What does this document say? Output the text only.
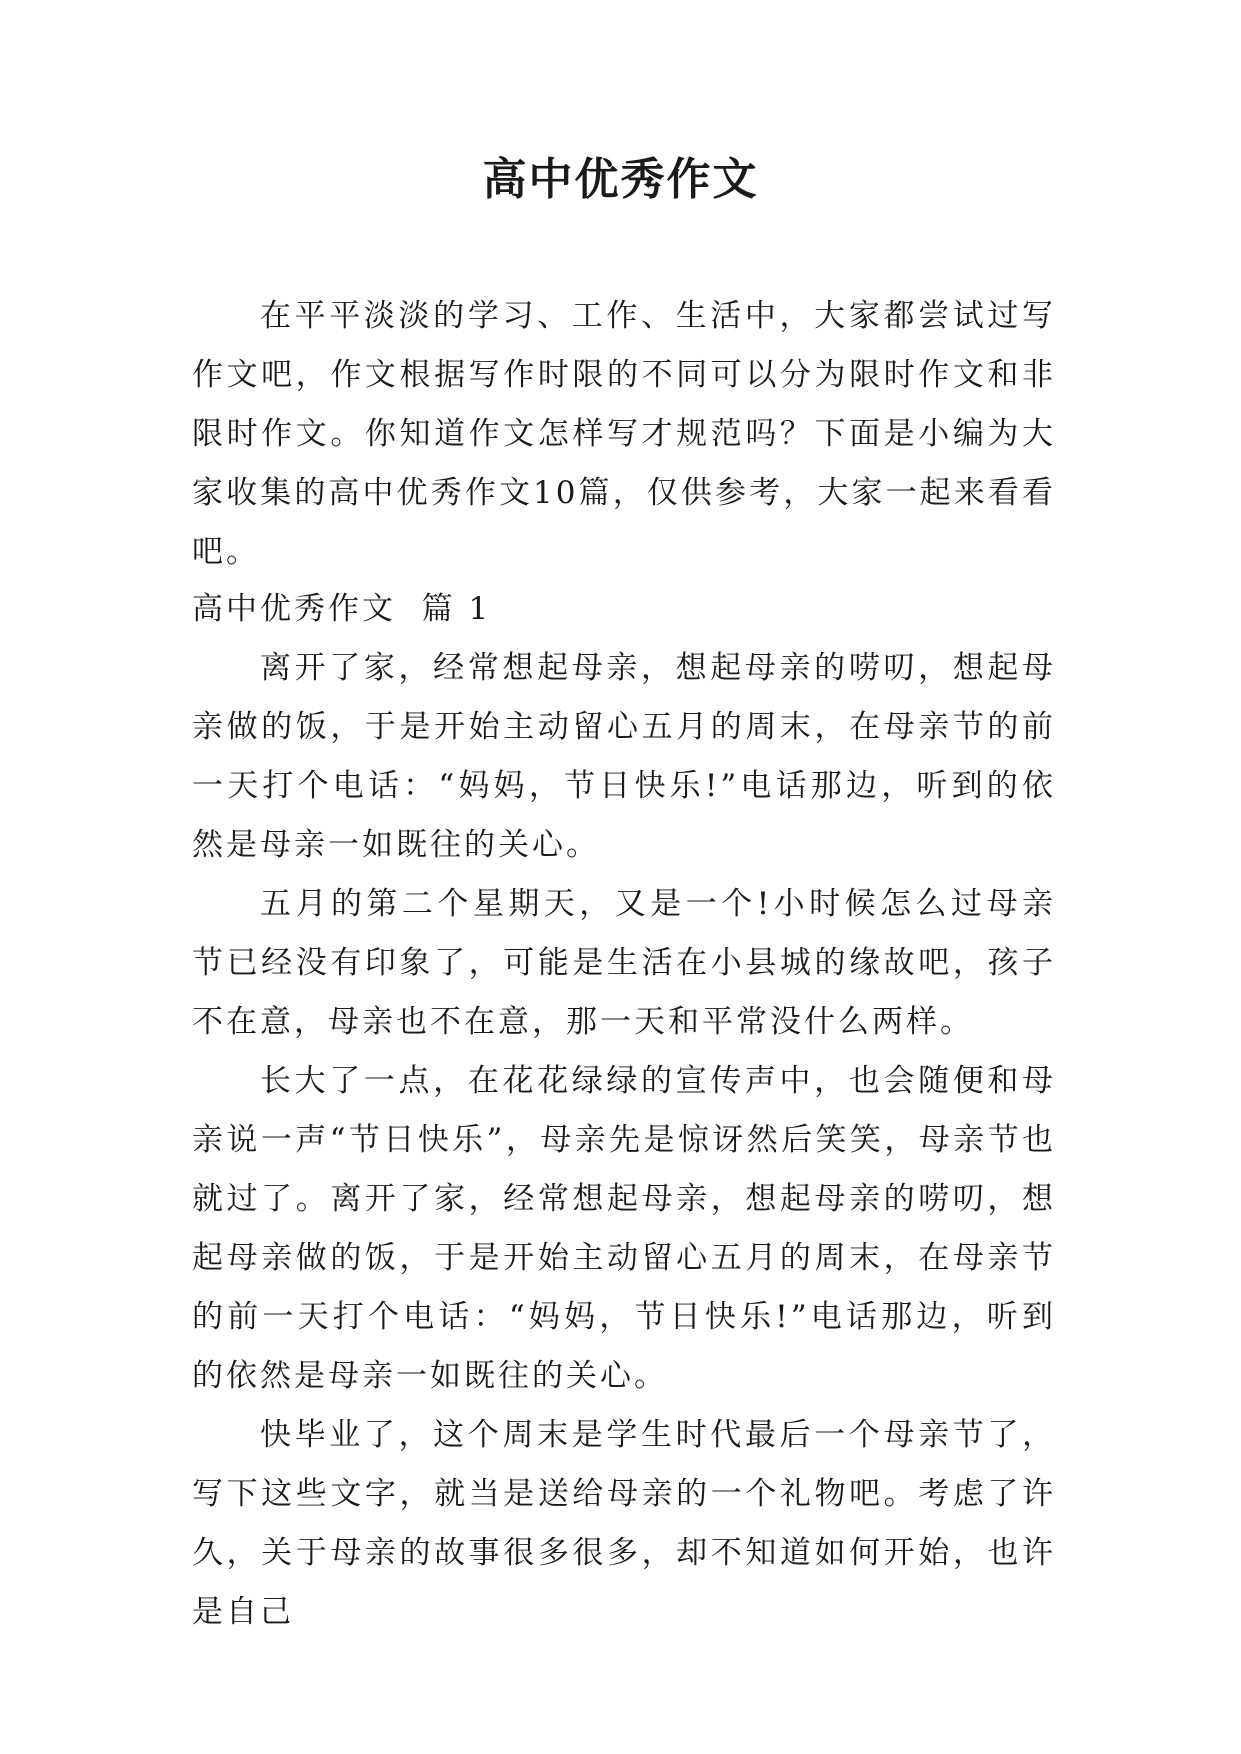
高中优秀作文

在平平淡淡的学习、工作、生活中，大家都尝试过写作文吧，作文根据写作时限的不同可以分为限时作文和非限时作文。你知道作文怎样写才规范吗？下面是小编为大家收集的高中优秀作文10篇，仅供参考，大家一起来看看吧。

高中优秀作文  篇 1

离开了家，经常想起母亲，想起母亲的唠叨，想起母亲做的饭，于是开始主动留心五月的周末，在母亲节的前一天打个电话：“妈妈，节日快乐!”电话那边，听到的依然是母亲一如既往的关心。

五月的第二个星期天，又是一个!小时候怎么过母亲节已经没有印象了，可能是生活在小县城的缘故吧，孩子不在意，母亲也不在意，那一天和平常没什么两样。

长大了一点，在花花绿绿的宣传声中，也会随便和母亲说一声“节日快乐”，母亲先是惊讶然后笑笑，母亲节也就过了。离开了家，经常想起母亲，想起母亲的唠叨，想起母亲做的饭，于是开始主动留心五月的周末，在母亲节的前一天打个电话：“妈妈，节日快乐!”电话那边，听到的依然是母亲一如既往的关心。

快毕业了，这个周末是学生时代最后一个母亲节了，写下这些文字，就当是送给母亲的一个礼物吧。考虑了许久，关于母亲的故事很多很多，却不知道如何开始，也许是自己
